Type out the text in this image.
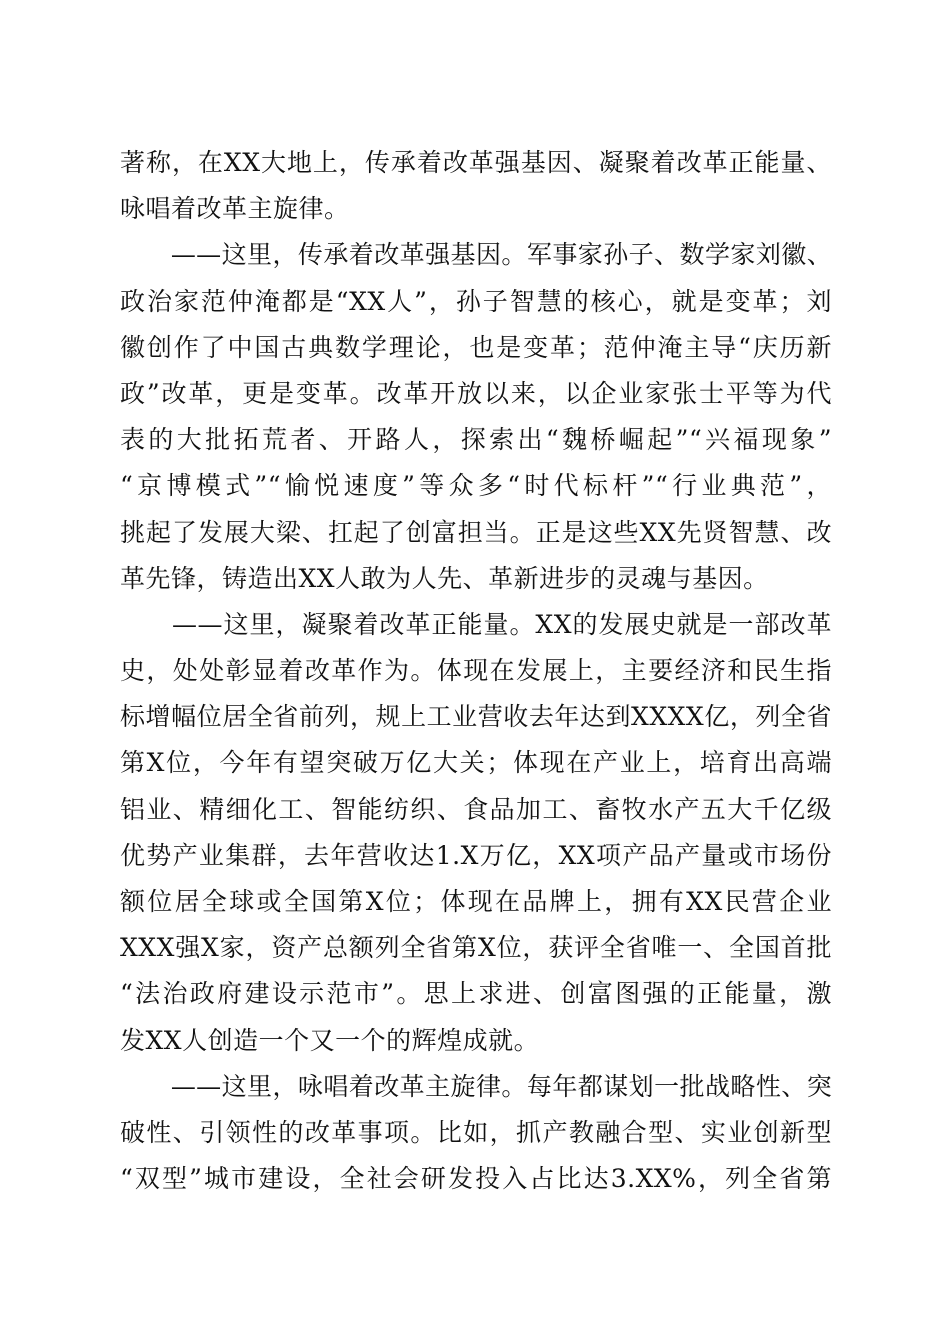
著称，在XX大地上，传承着改革强基因、凝聚着改革正能量、
咏唱着改革主旋律。
　　——这里，传承着改革强基因。军事家孙子、数学家刘徽、
政治家范仲淹都是“XX人”，孙子智慧的核心，就是变革；刘
徽创作了中国古典数学理论，也是变革；范仲淹主导“庆历新
政”改革，更是变革。改革开放以来，以企业家张士平等为代
表的大批拓荒者、开路人，探索出“魏桥崛起”“兴福现象”
“京博模式”“愉悦速度”等众多“时代标杆”“行业典范”，
挑起了发展大梁、扛起了创富担当。正是这些XX先贤智慧、改
革先锋，铸造出XX人敢为人先、革新进步的灵魂与基因。
　　——这里，凝聚着改革正能量。XX的发展史就是一部改革
史，处处彰显着改革作为。体现在发展上，主要经济和民生指
标增幅位居全省前列，规上工业营收去年达到XXXX亿，列全省
第X位，今年有望突破万亿大关；体现在产业上，培育出高端
铝业、精细化工、智能纺织、食品加工、畜牧水产五大千亿级
优势产业集群，去年营收达1.X万亿，XX项产品产量或市场份
额位居全球或全国第X位；体现在品牌上，拥有XX民营企业
XXX强X家，资产总额列全省第X位，获评全省唯一、全国首批
“法治政府建设示范市”。思上求进、创富图强的正能量，激
发XX人创造一个又一个的辉煌成就。
　　——这里，咏唱着改革主旋律。每年都谋划一批战略性、突
破性、引领性的改革事项。比如，抓产教融合型、实业创新型
“双型”城市建设，全社会研发投入占比达3.XX%，列全省第
